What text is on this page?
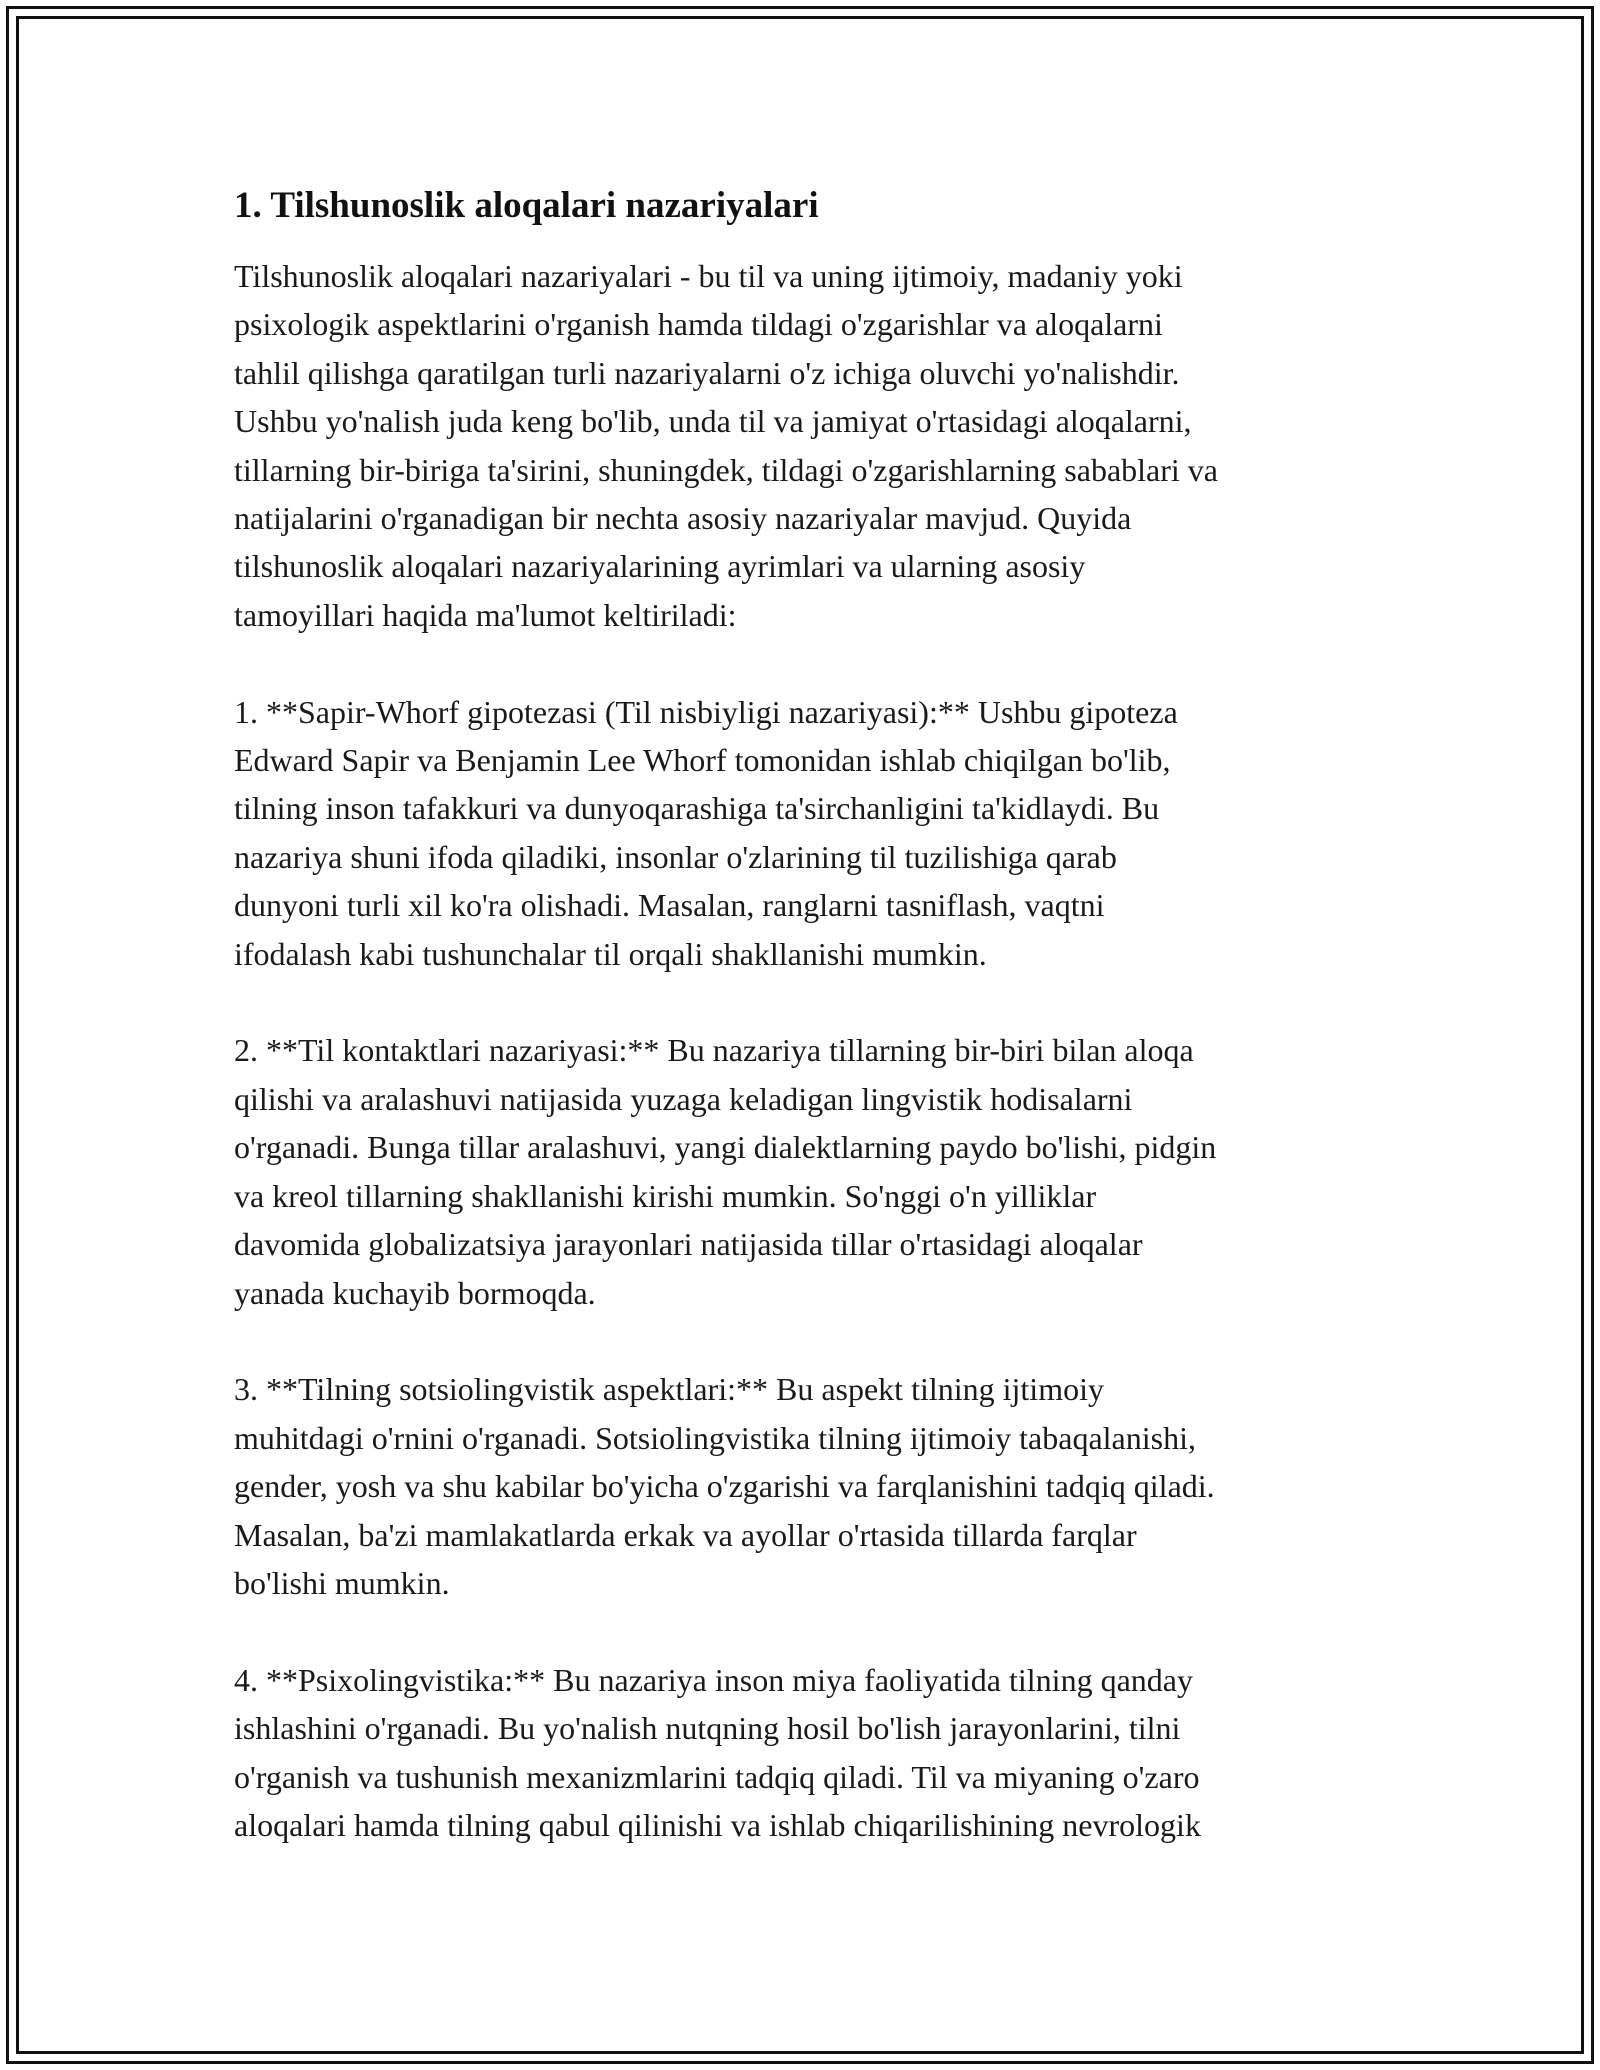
1. Tilshunoslik aloqalari nazariyalari
Tilshunoslik aloqalari nazariyalari - bu til va uning ijtimoiy, madaniy yoki
psixologik aspektlarini o'rganish hamda tildagi o'zgarishlar va aloqalarni
tahlil qilishga qaratilgan turli nazariyalarni o'z ichiga oluvchi yo'nalishdir.
Ushbu yo'nalish juda keng bo'lib, unda til va jamiyat o'rtasidagi aloqalarni,
tillarning bir-biriga ta'sirini, shuningdek, tildagi o'zgarishlarning sabablari va
natijalarini o'rganadigan bir nechta asosiy nazariyalar mavjud. Quyida
tilshunoslik aloqalari nazariyalarining ayrimlari va ularning asosiy
tamoyillari haqida ma'lumot keltiriladi:
1. **Sapir-Whorf gipotezasi (Til nisbiyligi nazariyasi):** Ushbu gipoteza
Edward Sapir va Benjamin Lee Whorf tomonidan ishlab chiqilgan bo'lib,
tilning inson tafakkuri va dunyoqarashiga ta'sirchanligini ta'kidlaydi. Bu
nazariya shuni ifoda qiladiki, insonlar o'zlarining til tuzilishiga qarab
dunyoni turli xil ko'ra olishadi. Masalan, ranglarni tasniflash, vaqtni
ifodalash kabi tushunchalar til orqali shakllanishi mumkin.
2. **Til kontaktlari nazariyasi:** Bu nazariya tillarning bir-biri bilan aloqa
qilishi va aralashuvi natijasida yuzaga keladigan lingvistik hodisalarni
o'rganadi. Bunga tillar aralashuvi, yangi dialektlarning paydo bo'lishi, pidgin
va kreol tillarning shakllanishi kirishi mumkin. So'nggi o'n yilliklar
davomida globalizatsiya jarayonlari natijasida tillar o'rtasidagi aloqalar
yanada kuchayib bormoqda.
3. **Tilning sotsiolingvistik aspektlari:** Bu aspekt tilning ijtimoiy
muhitdagi o'rnini o'rganadi. Sotsiolingvistika tilning ijtimoiy tabaqalanishi,
gender, yosh va shu kabilar bo'yicha o'zgarishi va farqlanishini tadqiq qiladi.
Masalan, ba'zi mamlakatlarda erkak va ayollar o'rtasida tillarda farqlar
bo'lishi mumkin.
4. **Psixolingvistika:** Bu nazariya inson miya faoliyatida tilning qanday
ishlashini o'rganadi. Bu yo'nalish nutqning hosil bo'lish jarayonlarini, tilni
o'rganish va tushunish mexanizmlarini tadqiq qiladi. Til va miyaning o'zaro
aloqalari hamda tilning qabul qilinishi va ishlab chiqarilishining nevrologik
